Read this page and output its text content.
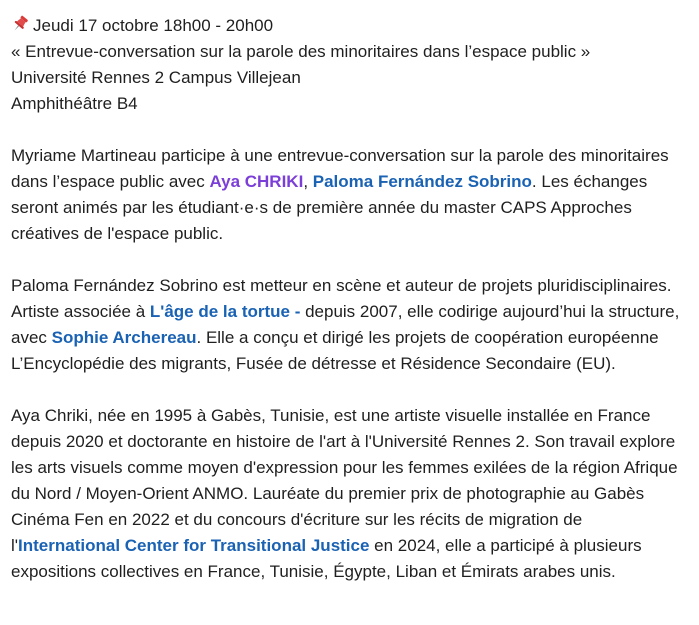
Jeudi 17 octobre 18h00 - 20h00

« Entrevue-conversation sur la parole des minoritaires dans l’espace public »

Université Rennes 2 Campus Villejean

Amphithéâtre B4

Myriame Martineau participe à une entrevue-conversation sur la parole des minoritaires dans l’espace public avec Aya CHRIKI, Paloma Fernández Sobrino. Les échanges seront animés par les étudiant·e·s de première année du master CAPS Approches créatives de l'espace public.

Paloma Fernández Sobrino est metteur en scène et auteur de projets pluridisciplinaires. Artiste associée à L'âge de la tortue - depuis 2007, elle codirige aujourd’hui la structure, avec Sophie Archereau. Elle a conçu et dirigé les projets de coopération européenne L’Encyclopédie des migrants, Fusée de détresse et Résidence Secondaire (EU).

Aya Chriki, née en 1995 à Gabès, Tunisie, est une artiste visuelle installée en France depuis 2020 et doctorante en histoire de l'art à l'Université Rennes 2. Son travail explore les arts visuels comme moyen d'expression pour les femmes exilées de la région Afrique du Nord / Moyen-Orient ANMO. Lauréate du premier prix de photographie au Gabès Cinéma Fen en 2022 et du concours d'écriture sur les récits de migration de l'International Center for Transitional Justice en 2024, elle a participé à plusieurs expositions collectives en France, Tunisie, Égypte, Liban et Émirats arabes unis.
